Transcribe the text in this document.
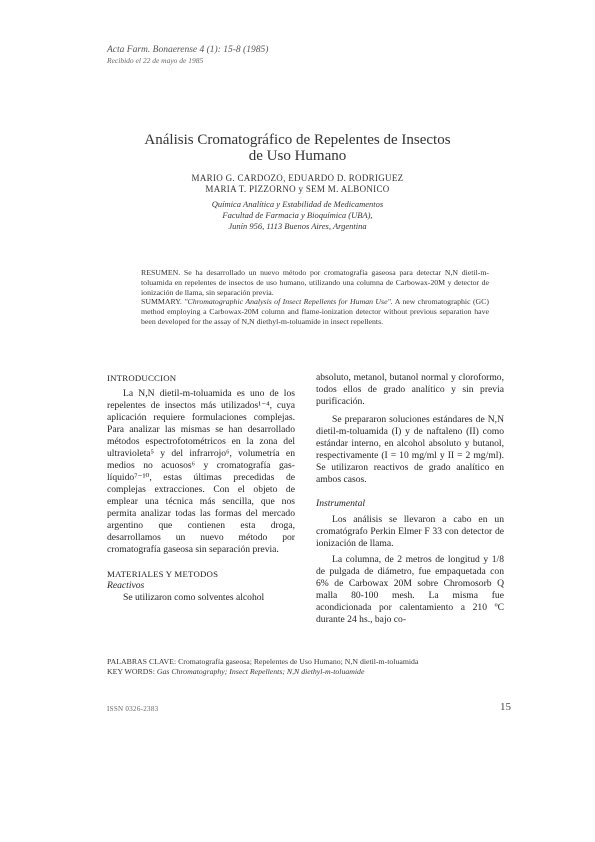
Acta Farm. Bonaerense 4 (1): 15-8 (1985)
Recibido el 22 de mayo de 1985
Análisis Cromatográfico de Repelentes de Insectos
de Uso Humano
MARIO G. CARDOZO, EDUARDO D. RODRIGUEZ
MARIA T. PIZZORNO y SEM M. ALBONICO
Química Analítica y Estabilidad de Medicamentos
Facultad de Farmacia y Bioquímica (UBA),
Junín 956, 1113 Buenos Aires, Argentina

RESUMEN. Se ha desarrollado un nuevo método por cromatografía gaseosa para detectar N,N dietil-m-toluamida en repelentes de insectos de uso humano, utilizando una columna de Carbowax-20M y detector de ionización de llama, sin separación previa.

SUMMARY. "Chromatographic Analysis of Insect Repellents for Human Use". A new chromatographic (GC) method employing a Carbowax-20M column and flame-ionization detector without previous separation have been developed for the assay of N,N diethyl-m-toluamide in insect repellents.

INTRODUCCION

La N,N dietil-m-toluamida es uno de los repelentes de insectos más utilizados¹⁻⁴, cuya aplicación requiere formulaciones complejas. Para analizar las mismas se han desarrollado métodos espectrofotométricos en la zona del ultravioleta⁵ y del infrarrojo⁶, volumetría en medios no acuosos⁶ y cromatografía gas-líquido⁷⁻¹⁰, estas últimas precedidas de complejas extracciones. Con el objeto de emplear una técnica más sencilla, que nos permita analizar todas las formas del mercado argentino que contienen esta droga, desarrollamos un nuevo método por cromatografía gaseosa sin separación previa.

MATERIALES Y METODOS

Reactivos

Se utilizaron como solventes alcohol

absoluto, metanol, butanol normal y cloroformo, todos ellos de grado analítico y sin previa purificación.

Se prepararon soluciones estándares de N,N dietil-m-toluamida (I) y de naftaleno (II) como estándar interno, en alcohol absoluto y butanol, respectivamente (I = 10 mg/ml y II = 2 mg/ml). Se utilizaron reactivos de grado analítico en ambos casos.

Instrumental

Los análisis se llevaron a cabo en un cromatógrafo Perkin Elmer F 33 con detector de ionización de llama.

La columna, de 2 metros de longitud y 1/8 de pulgada de diámetro, fue empaquetada con 6% de Carbowax 20M sobre Chromosorb Q malla 80-100 mesh. La misma fue acondicionada por calentamiento a 210 ºC durante 24 hs., bajo co-

PALABRAS CLAVE: Cromatografía gaseosa; Repelentes de Uso Humano; N,N dietil-m-toluamida
KEY WORDS: Gas Chromatography; Insect Repellents; N,N diethyl-m-toluamide
ISSN 0326-2383	15
